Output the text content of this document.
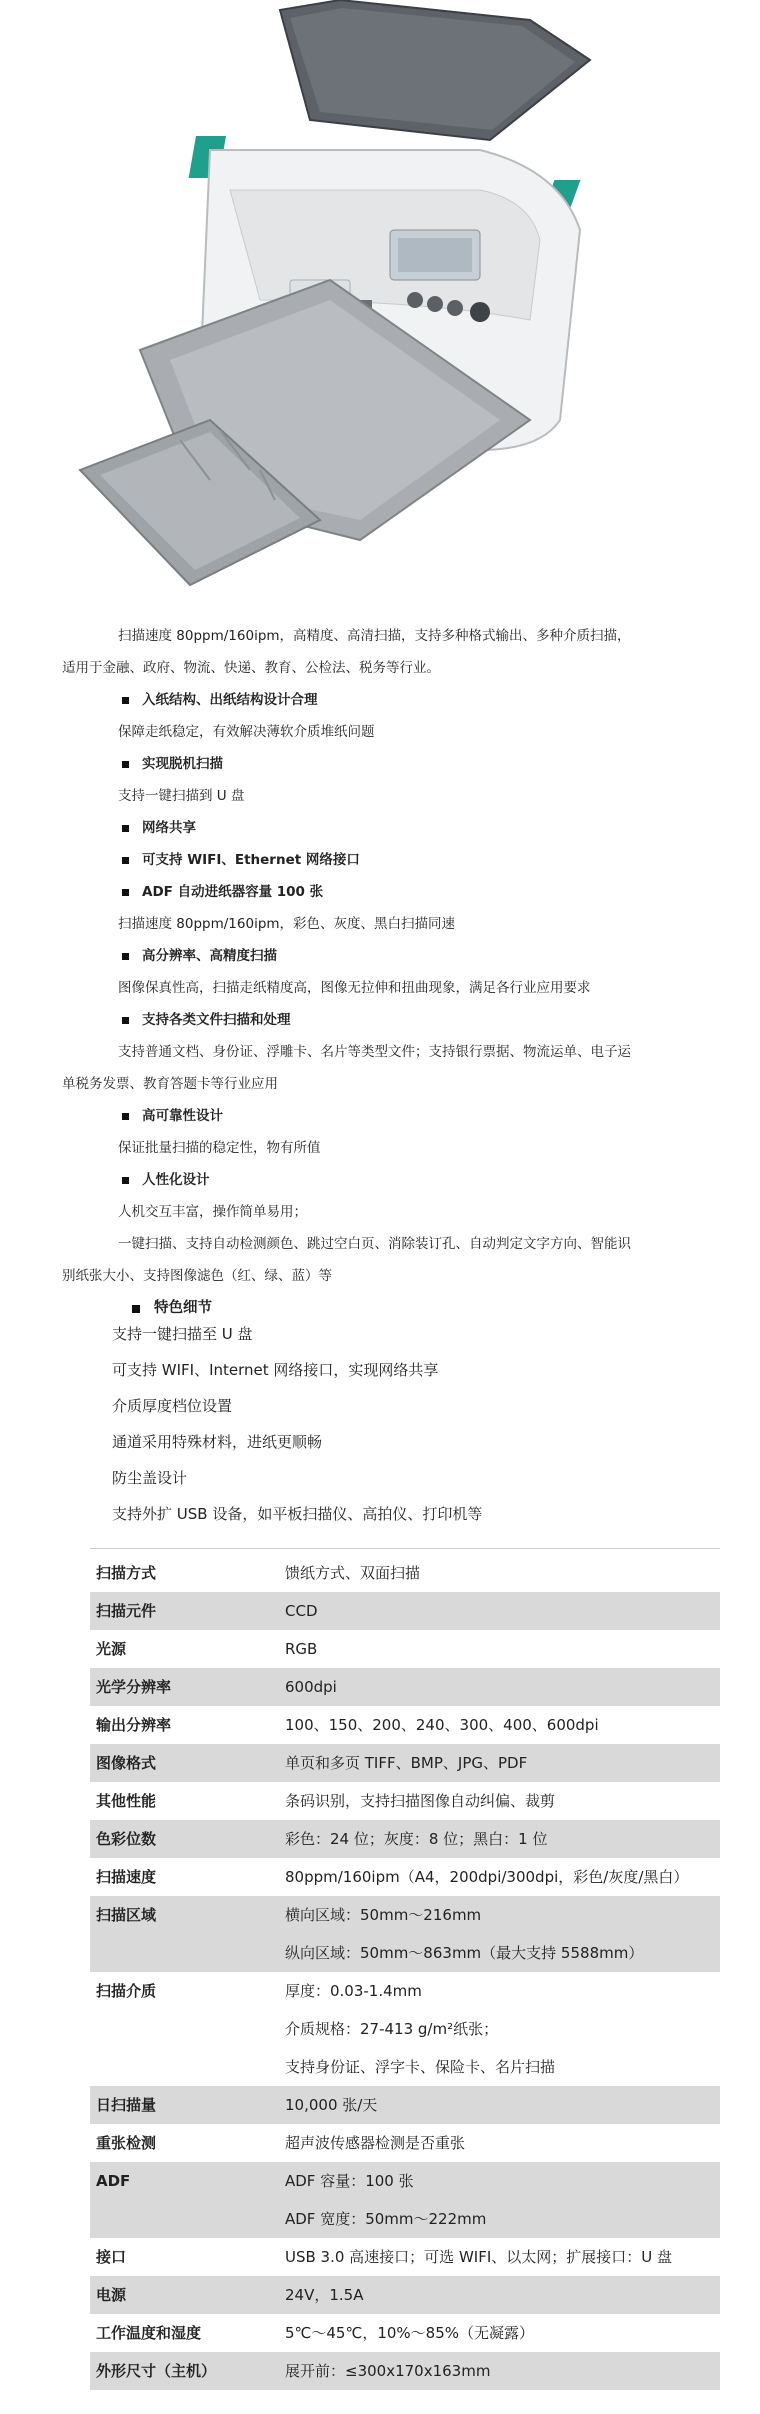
扫描速度 80ppm/160ipm，高精度、高清扫描，支持多种格式输出、多种介质扫描，

适用于金融、政府、物流、快递、教育、公检法、税务等行业。

入纸结构、出纸结构设计合理

保障走纸稳定，有效解决薄软介质堆纸问题

实现脱机扫描

支持一键扫描到 U 盘

网络共享

可支持 WIFI、Ethernet 网络接口

ADF 自动进纸器容量 100 张

扫描速度 80ppm/160ipm，彩色、灰度、黑白扫描同速

高分辨率、高精度扫描

图像保真性高，扫描走纸精度高，图像无拉伸和扭曲现象，满足各行业应用要求

支持各类文件扫描和处理

支持普通文档、身份证、浮雕卡、名片等类型文件；支持银行票据、物流运单、电子运

单税务发票、教育答题卡等行业应用

高可靠性设计

保证批量扫描的稳定性，物有所值

人性化设计

人机交互丰富，操作简单易用；

一键扫描、支持自动检测颜色、跳过空白页、消除装订孔、自动判定文字方向、智能识

别纸张大小、支持图像滤色（红、绿、蓝）等

特色细节

支持一键扫描至 U 盘

可支持 WIFI、Internet 网络接口，实现网络共享

介质厚度档位设置

通道采用特殊材料，进纸更顺畅

防尘盖设计

支持外扩 USB 设备，如平板扫描仪、高拍仪、打印机等

扫描方式	馈纸方式、双面扫描
扫描元件	CCD
光源	RGB
光学分辨率	600dpi
输出分辨率	100、150、200、240、300、400、600dpi
图像格式	单页和多页 TIFF、BMP、JPG、PDF
其他性能	条码识别，支持扫描图像自动纠偏、裁剪
色彩位数	彩色：24 位；灰度：8 位；黑白：1 位
扫描速度	80ppm/160ipm（A4，200dpi/300dpi，彩色/灰度/黑白）
扫描区域	横向区域：50mm～216mm
纵向区域：50mm～863mm（最大支持 5588mm）
扫描介质	厚度：0.03-1.4mm
介质规格：27-413 g/m²纸张；
支持身份证、浮字卡、保险卡、名片扫描
日扫描量	10,000 张/天
重张检测	超声波传感器检测是否重张
ADF	ADF 容量：100 张
ADF 宽度：50mm～222mm
接口	USB 3.0 高速接口；可选 WIFI、以太网；扩展接口：U 盘
电源	24V，1.5A
工作温度和湿度	5℃～45℃，10%～85%（无凝露）
外形尺寸（主机）	展开前：≤300x170x163mm
